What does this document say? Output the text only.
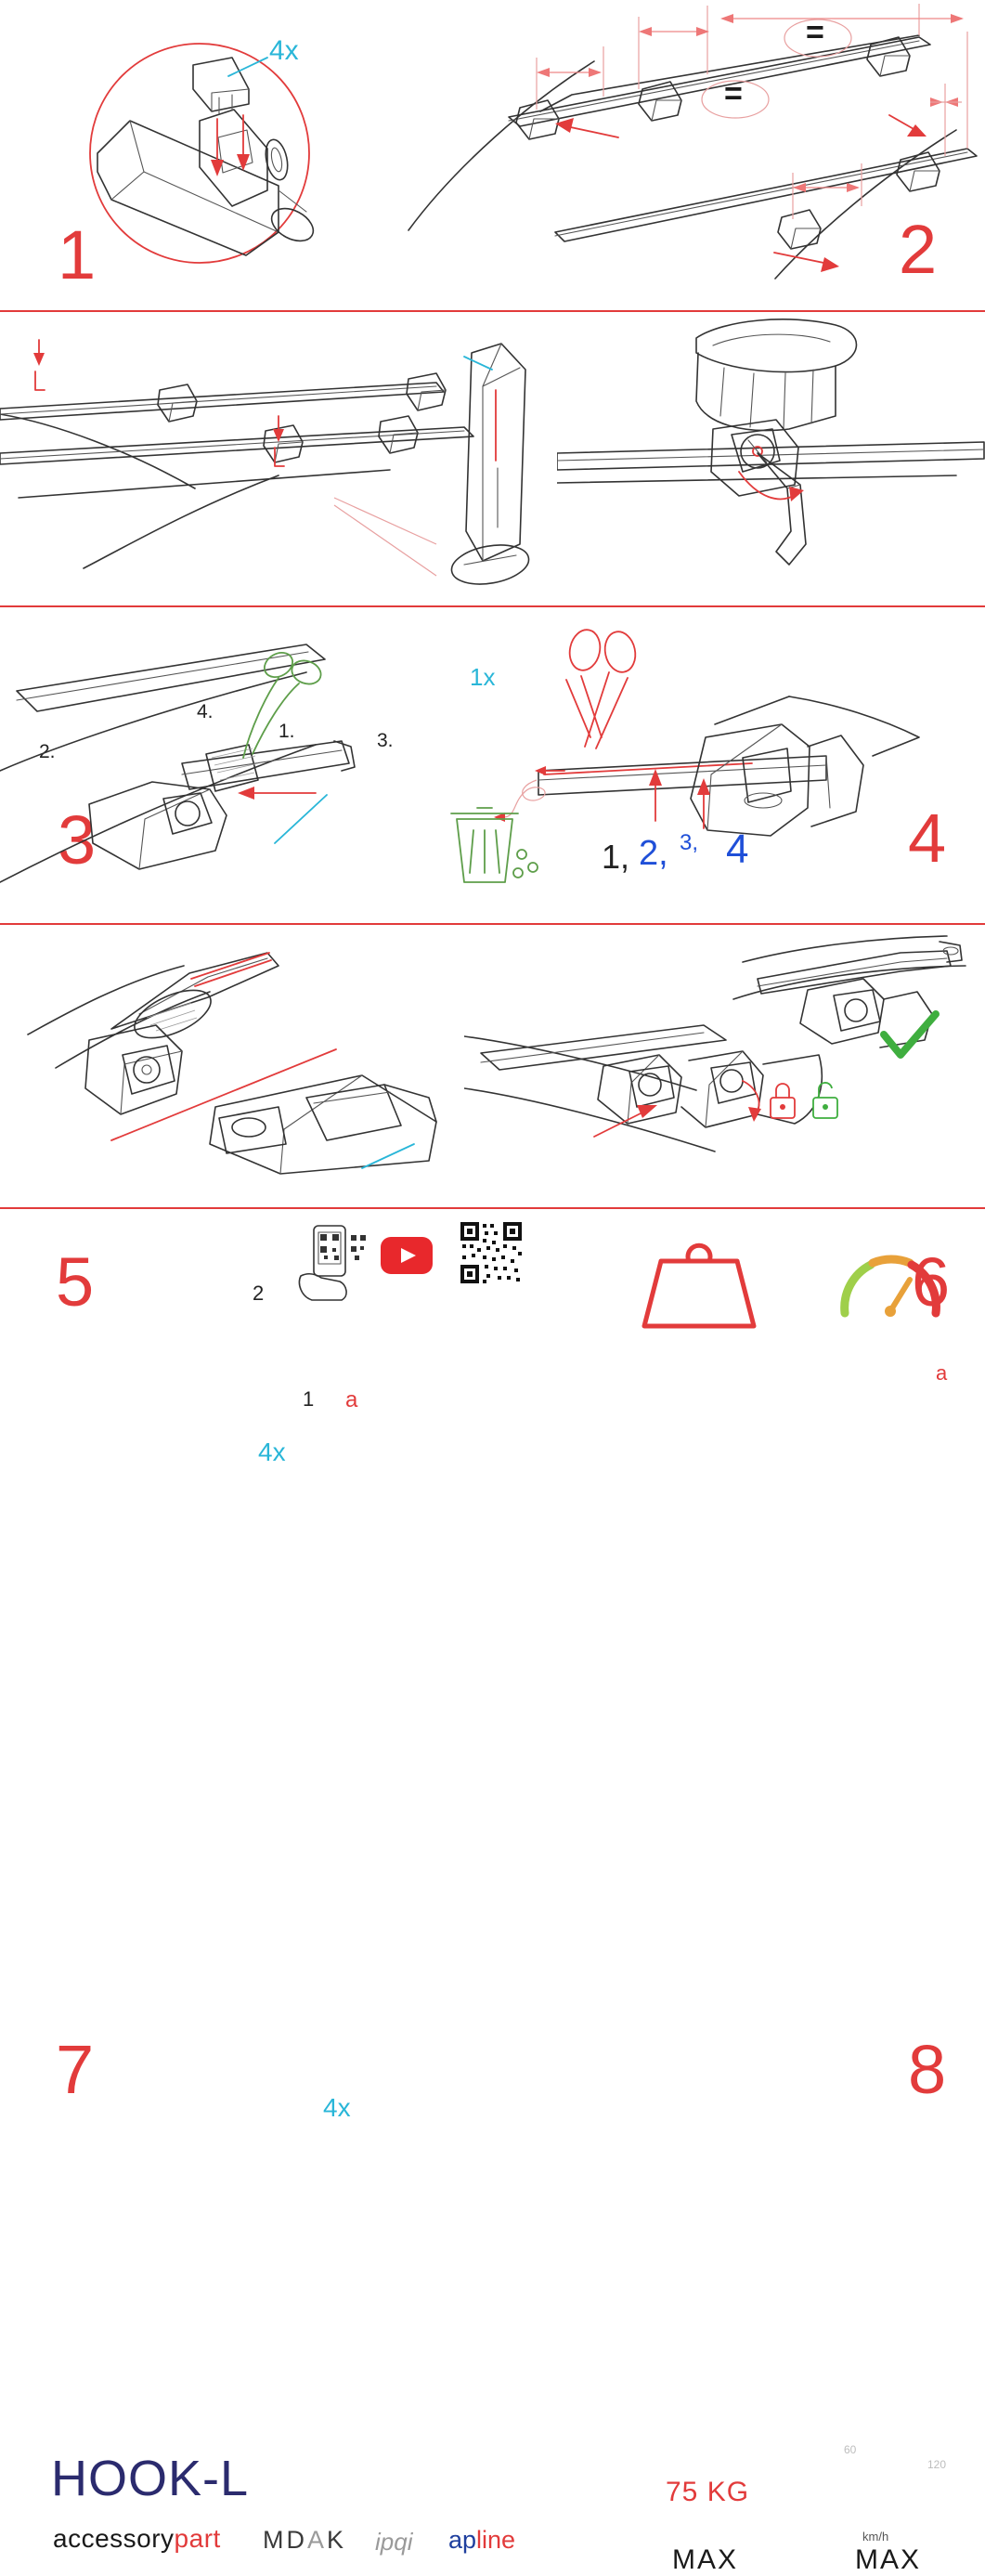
4x
1
=
=
2
1.
2.
3.
4.
1x
3	1, 2, 3, 4 4
5
1
2
a
4x
6
a
7	4x	8
HOOK-L
accessorypart MDAK ipqi apline
75 KG
MAX	MAX
km/h
60
120
